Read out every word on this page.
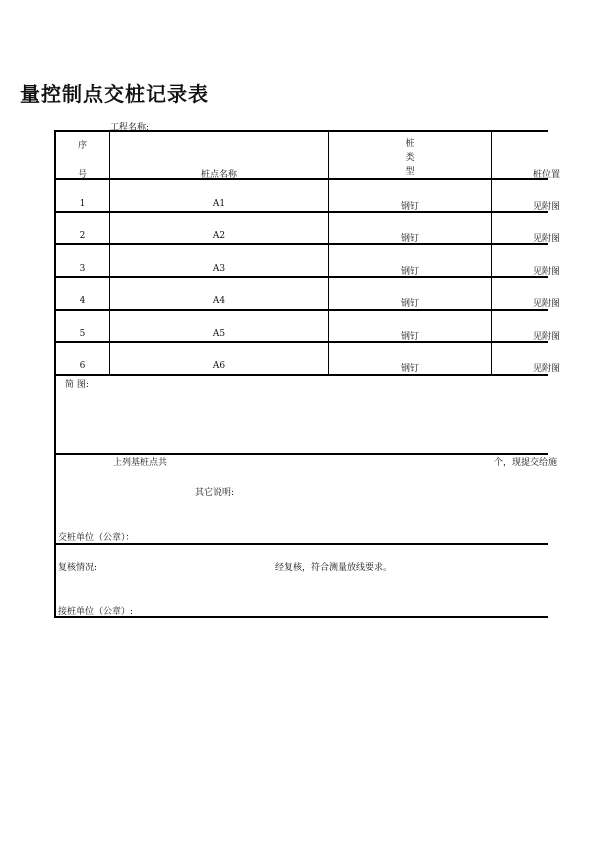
量控制点交桩记录表
工程名称:
序
号	桩点名称
桩
类
型	桩位置
1	A1	钢钉	见附图
2	A2	钢钉	见附图
3	A3	钢钉	见附图
4	A4	钢钉	见附图
5	A5	钢钉	见附图
6	A6	钢钉	见附图
简 图:
上列基桩点共	个，现提交给施
其它说明:
交桩单位（公章）：
复核情况:	经复核，符合测量放线要求。
接桩单位（公章）:
